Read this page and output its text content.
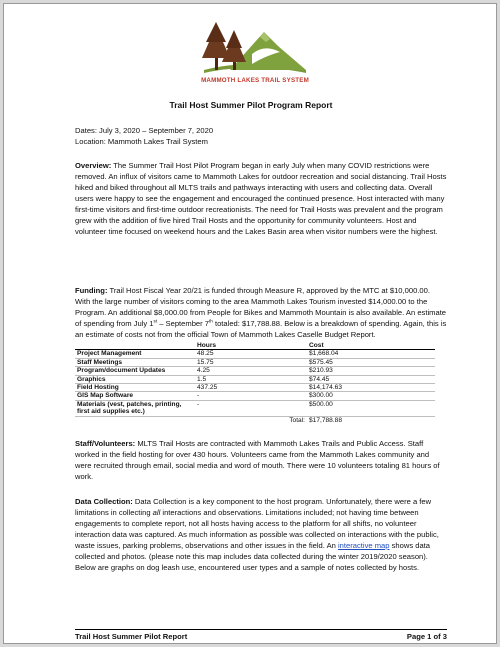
MAMMOTH LAKES TRAIL SYSTEM
Trail Host Summer Pilot Program Report
Dates: July 3, 2020 – September 7, 2020
Location: Mammoth Lakes Trail System
Overview: The Summer Trail Host Pilot Program began in early July when many COVID restrictions were removed. An influx of visitors came to Mammoth Lakes for outdoor recreation and social distancing. Trail Hosts hiked and biked throughout all MLTS trails and pathways interacting with users and collecting data. Overall users were happy to see the engagement and encouraged the continued presence. Host interacted with many first-time visitors and first-time outdoor recreationists. The need for Trail Hosts was prevalent and the program grew with the addition of five hired Trail Hosts and the opportunity for community volunteers. Host and volunteer time focused on weekend hours and the Lakes Basin area when visitor numbers were the highest.
Funding: Trail Host Fiscal Year 20/21 is funded through Measure R, approved by the MTC at $10,000.00. With the large number of visitors coming to the area Mammoth Lakes Tourism invested $14,000.00 to the Program. An additional $8,000.00 from People for Bikes and Mammoth Mountain is also available. An estimate of spending from July 1st – September 7th totaled: $17,788.88. Below is a breakdown of spending. Again, this is an estimate of costs not from the official Town of Mammoth Lakes Caselle Budget Report.
	Hours	Cost
Project Management	48.25	$1,668.04
Staff Meetings	15.75	$575.45
Program/document Updates	4.25	$210.93
Graphics	1.5	$74.45
Field Hosting	437.25	$14,174.63
GIS Map Software	-	$300.00
Materials (vest, patches, printing, first aid supplies etc.)	-	$500.00
	Total:	$17,788.88
Staff/Volunteers: MLTS Trail Hosts are contracted with Mammoth Lakes Trails and Public Access. Staff worked in the field hosting for over 430 hours. Volunteers came from the Mammoth Lakes community and were recruited through email, social media and word of mouth. There were 10 volunteers totaling 81 hours of work.
Data Collection: Data Collection is a key component to the host program. Unfortunately, there were a few limitations in collecting all interactions and observations. Limitations included; not having time between engagements to complete report, not all hosts having access to the platform for all shifts, no volunteer interaction data was captured. As much information as possible was collected on interactions with the public, waste issues, parking problems, observations and other issues in the field. An interactive map shows data collected and photos. (please note this map includes data collected during the winter 2019/2020 season). Below are graphs on dog leash use, encountered user types and a sample of notes collected by hosts.
Trail Host Summer Pilot Report	Page 1 of 3
